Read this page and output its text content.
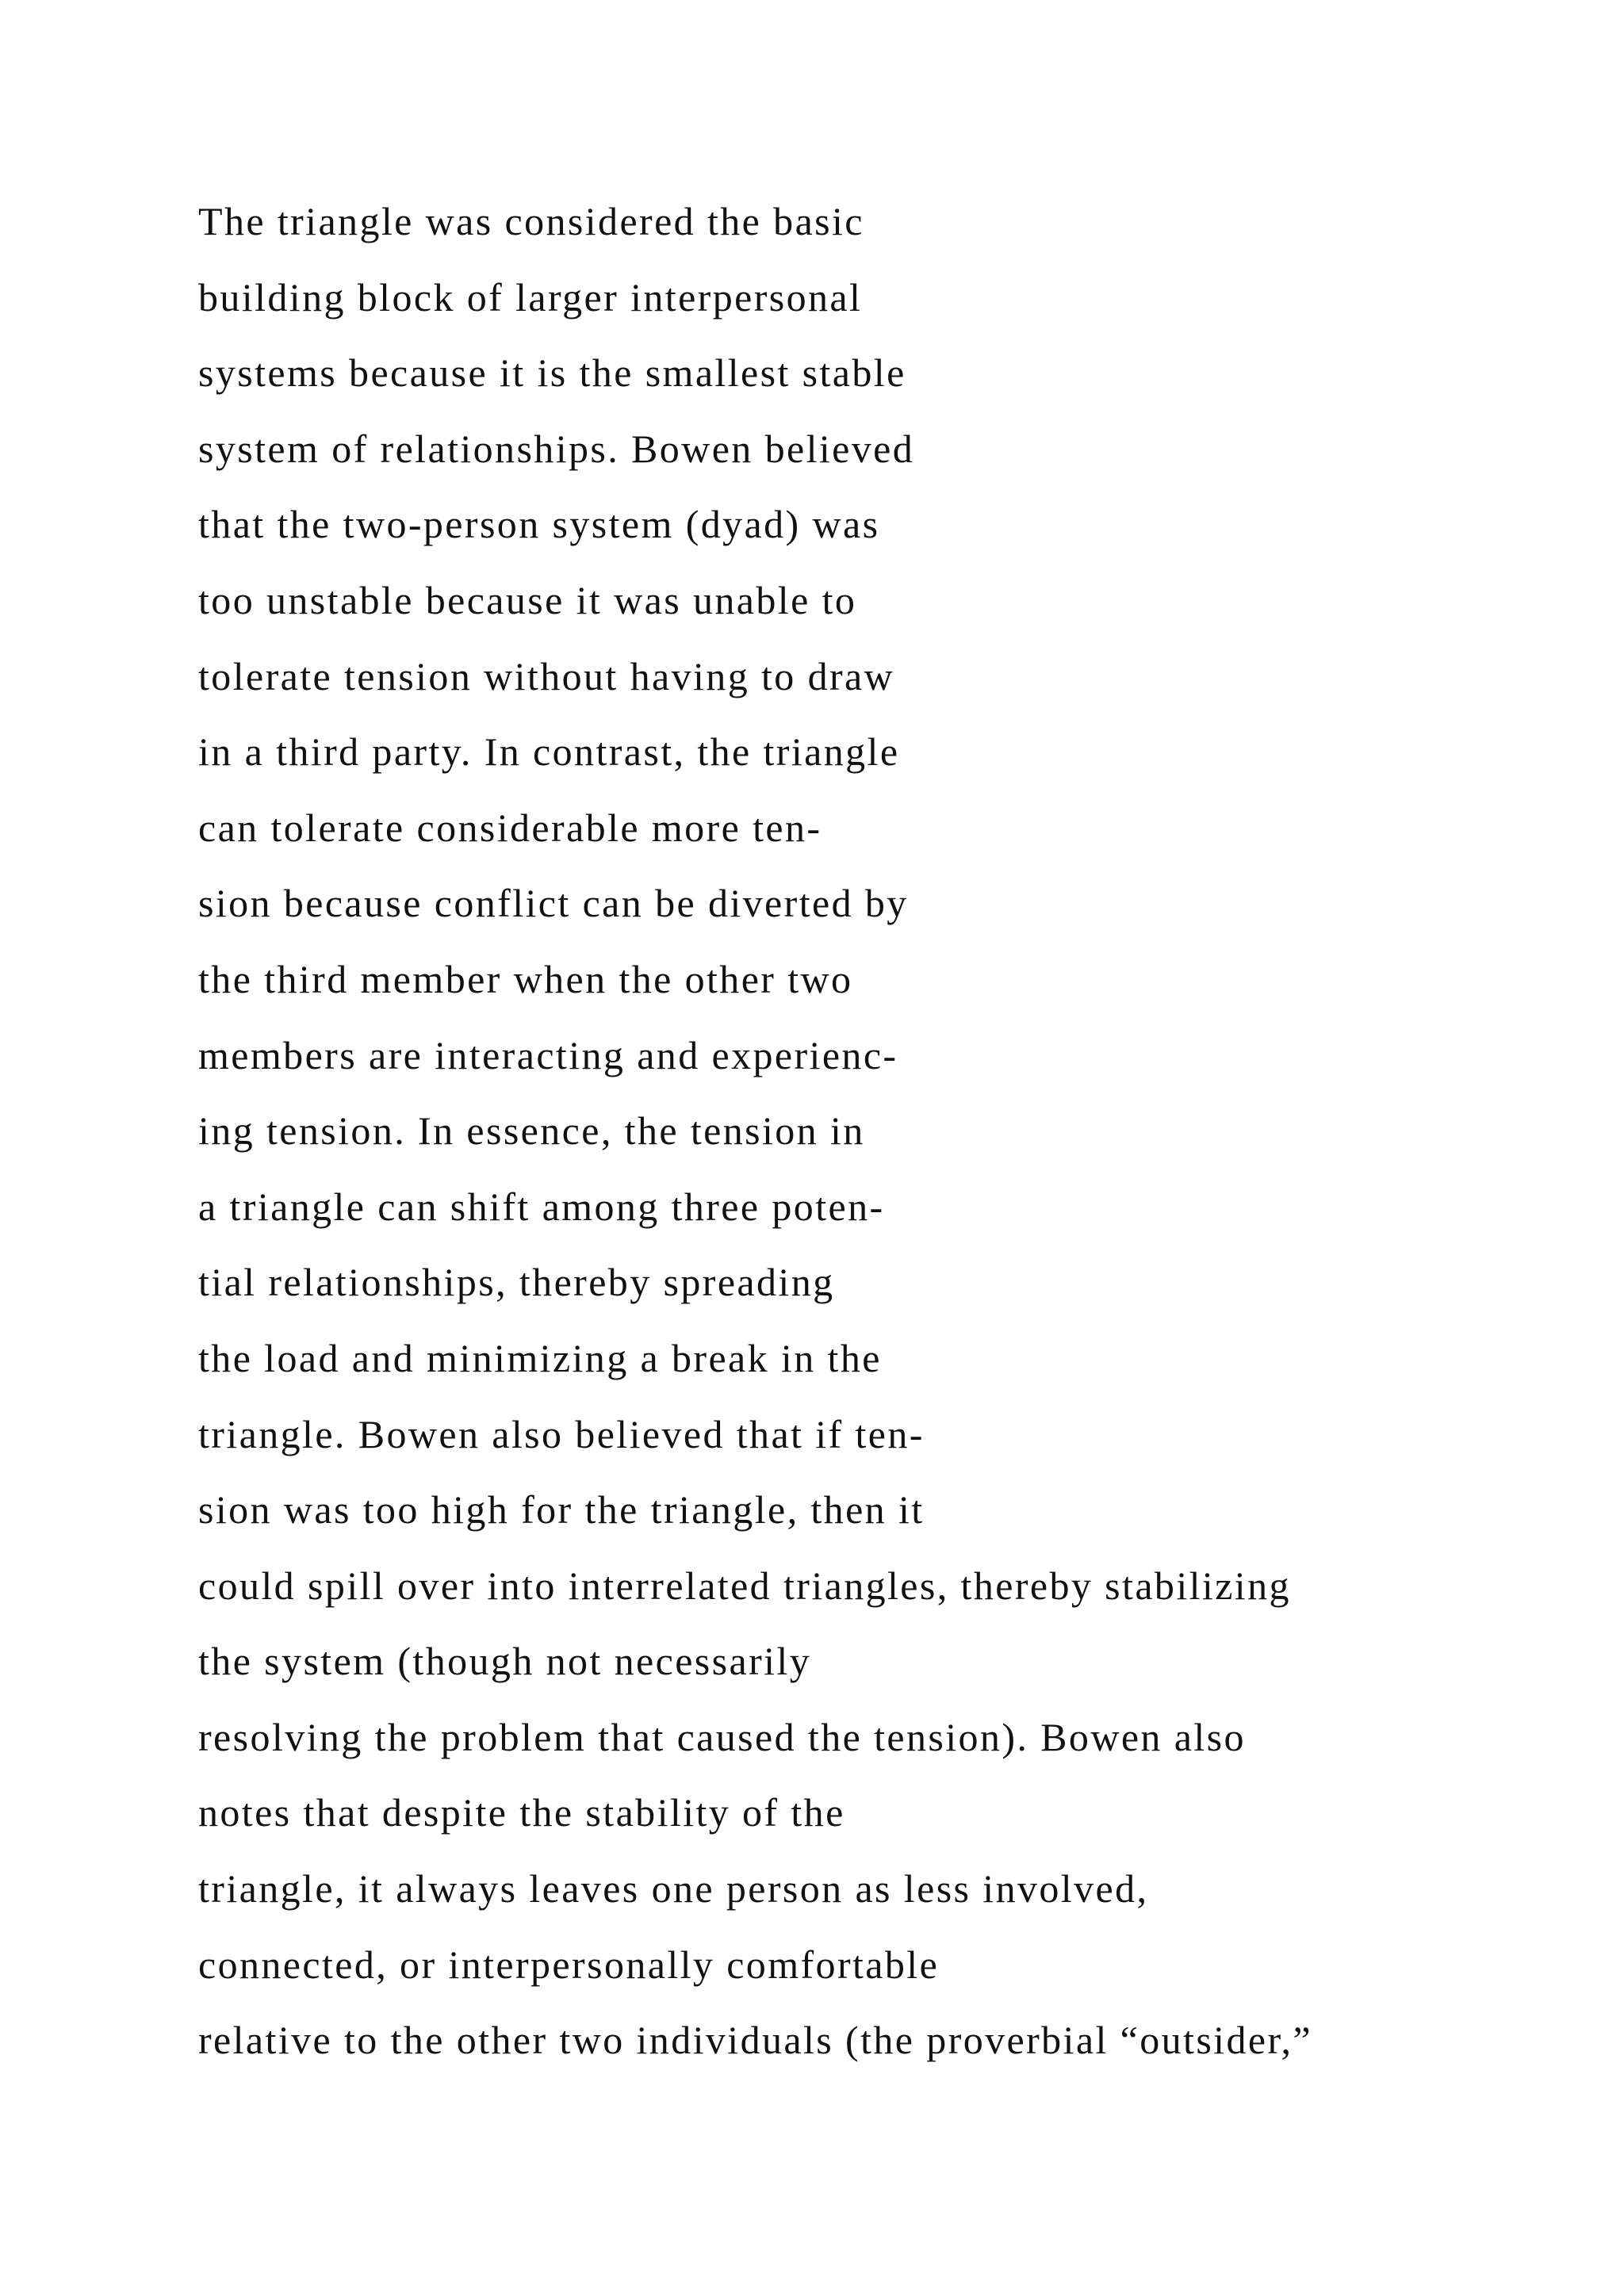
The triangle was considered the basic
building block of larger interpersonal
systems because it is the smallest stable
system of relationships. Bowen believed
that the two-person system (dyad) was
too unstable because it was unable to
tolerate tension without having to draw
in a third party. In contrast, the triangle
can tolerate considerable more ten-
sion because conflict can be diverted by
the third member when the other two
members are interacting and experienc-
ing tension. In essence, the tension in
a triangle can shift among three poten-
tial relationships, thereby spreading
the load and minimizing a break in the
triangle. Bowen also believed that if ten-
sion was too high for the triangle, then it
could spill over into interrelated triangles, thereby stabilizing
the system (though not necessarily
resolving the problem that caused the tension). Bowen also
notes that despite the stability of the
triangle, it always leaves one person as less involved,
connected, or interpersonally comfortable
relative to the other two individuals (the proverbial “outsider,”
